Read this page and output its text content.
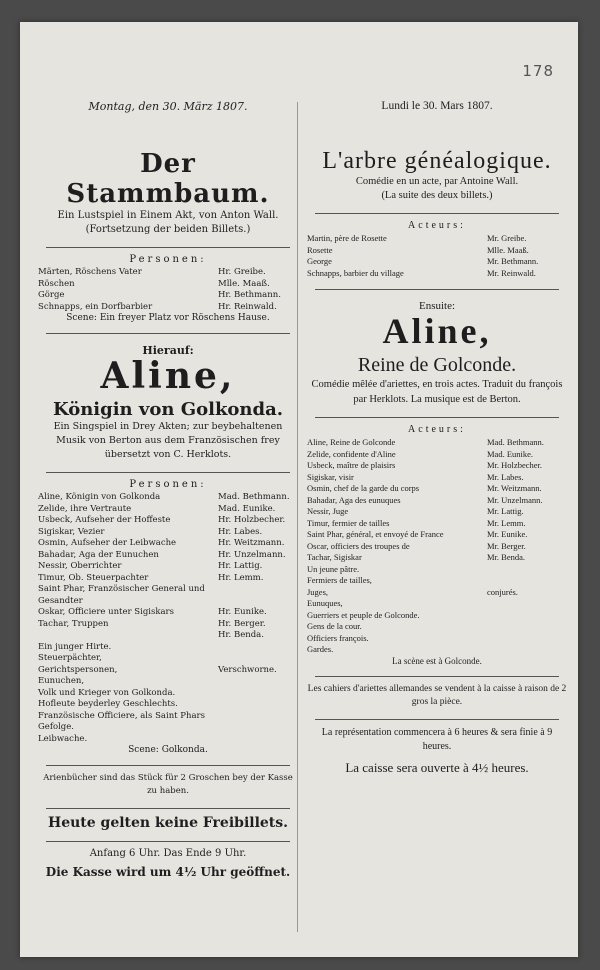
178
Montag, den 30. März 1807.
Der Stammbaum.
Ein Lustspiel in Einem Akt, von Anton Wall.
(Fortsetzung der beiden Billets.)
Personen:
Märten, Röschens Vater	Hr. Greibe.
Röschen	Mlle. Maaß.
Görge	Hr. Bethmann.
Schnapps, ein Dorfbarbier	Hr. Reinwald.
Scene: Ein freyer Platz vor Röschens Hause.
Hierauf:
Aline,
Königin von Golkonda.
Ein Singspiel in Drey Akten; zur beybehaltenen Musik von Berton aus dem Französischen frey übersetzt von C. Herklots.
Personen:
Aline, Königin von Golkonda	Mad. Bethmann.
Zelide, ihre Vertraute	Mad. Eunike.
Usbeck, Aufseher der Hoffeste	Hr. Holzbecher.
Sigiskar, Vezier	Hr. Labes.
Osmin, Aufseher der Leibwache	Hr. Weitzmann.
Bahadar, Aga der Eunuchen	Hr. Unzelmann.
Nessir, Oberrichter	Hr. Lattig.
Timur, Ob. Steuerpachter	Hr. Lemm.
Saint Phar, Französischer General und Gesandter
Oskar, Officiere unter Sigiskars	Hr. Eunike.
Tachar, Truppen	Hr. Berger.
Hr. Benda.
Ein junger Hirte.
Steuerpächter,
Gerichtspersonen,	Verschworne.
Eunuchen,
Volk und Krieger von Golkonda.
Hofleute beyderley Geschlechts.
Französische Officiere, als Saint Phars Gefolge.
Leibwache.
Scene: Golkonda.
Arienbücher sind das Stück für 2 Groschen bey der Kasse zu haben.
Heute gelten keine Freibillets.
Anfang 6 Uhr. Das Ende 9 Uhr.
Die Kasse wird um 4½ Uhr geöffnet.
Lundi le 30. Mars 1807.
L'arbre généalogique.
Comédie en un acte, par Antoine Wall.
(La suite des deux billets.)
Acteurs:
Martin, père de Rosette	Mr. Greibe.
Rosette	Mlle. Maaß.
George	Mr. Bethmann.
Schnapps, barbier du village	Mr. Reinwald.
Ensuite:
Aline,
Reine de Golconde.
Comédie mêlée d'ariettes, en trois actes. Traduit du françois par Herklots. La musique est de Berton.
Acteurs:
Aline, Reine de Golconde	Mad. Bethmann.
Zelide, confidente d'Aline	Mad. Eunike.
Usbeck, maître de plaisirs	Mr. Holzbecher.
Sigiskar, visir	Mr. Labes.
Osmin, chef de la garde du corps	Mr. Weitzmann.
Bahadar, Aga des eunuques	Mr. Unzelmann.
Nessir, Juge	Mr. Lattig.
Timur, fermier de tailles	Mr. Lemm.
Saint Phar, général, et envoyé de France	Mr. Eunike.
Oscar, officiers des troupes de	Mr. Berger.
Tachar, Sigiskar	Mr. Benda.
Un jeune pâtre.
Fermiers de tailles,
Juges,	conjurés.
Eunuques,
Guerriers et peuple de Golconde.
Gens de la cour.
Officiers françois.
Gardes.
La scène est à Golconde.
Les cahiers d'ariettes allemandes se vendent à la caisse à raison de 2 gros la pièce.
La représentation commencera à 6 heures & sera finie à 9 heures.
La caisse sera ouverte à 4½ heures.
